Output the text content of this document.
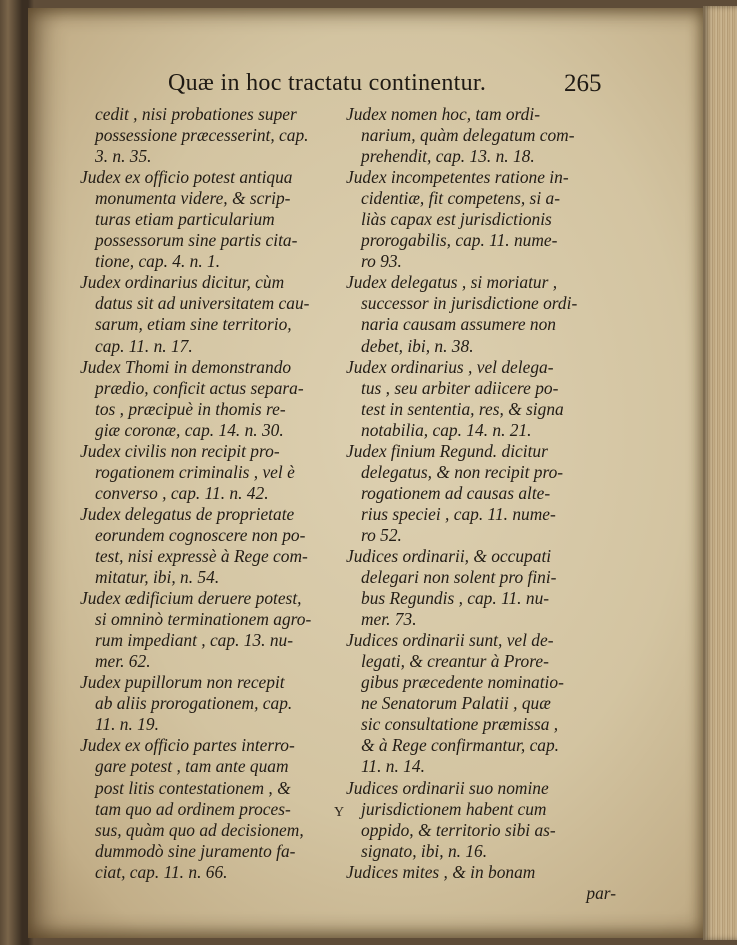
Quæ in hoc tractatu continentur.	265
cedit , nisi probationes super
possessione præcesserint, cap.
3. n. 35.
Judex ex officio potest antiqua
monumenta videre, & scrip-
turas etiam particularium
possessorum sine partis cita-
tione, cap. 4. n. 1.
Judex ordinarius dicitur, cùm
datus sit ad universitatem cau-
sarum, etiam sine territorio,
cap. 11. n. 17.
Judex Thomi in demonstrando
prædio, conficit actus separa-
tos , præcipuè in thomis re-
giæ coronæ, cap. 14. n. 30.
Judex civilis non recipit pro-
rogationem criminalis , vel è
converso , cap. 11. n. 42.
Judex delegatus de proprietate
eorundem cognoscere non po-
test, nisi expressè à Rege com-
mitatur, ibi, n. 54.
Judex ædificium deruere potest,
si omninò terminationem agro-
rum impediant , cap. 13. nu-
mer. 62.
Judex pupillorum non recepit
ab aliis prorogationem, cap.
11. n. 19.
Judex ex officio partes interro-
gare potest , tam ante quam
post litis contestationem , &
tam quo ad ordinem proces-
sus, quàm quo ad decisionem,
dummodò sine juramento fa-
ciat, cap. 11. n. 66.
Judex nomen hoc, tam ordi-
narium, quàm delegatum com-
prehendit, cap. 13. n. 18.
Judex incompetentes ratione in-
cidentiæ, fit competens, si a-
liàs capax est jurisdictionis
prorogabilis, cap. 11. nume-
ro 93.
Judex delegatus , si moriatur ,
successor in jurisdictione ordi-
naria causam assumere non
debet, ibi, n. 38.
Judex ordinarius , vel delega-
tus , seu arbiter adiicere po-
test in sententia, res, & signa
notabilia, cap. 14. n. 21.
Judex finium Regund. dicitur
delegatus, & non recipit pro-
rogationem ad causas alte-
rius speciei , cap. 11. nume-
ro 52.
Judices ordinarii, & occupati
delegari non solent pro fini-
bus Regundis , cap. 11. nu-
mer. 73.
Judices ordinarii sunt, vel de-
legati, & creantur à Prore-
gibus præcedente nominatio-
ne Senatorum Palatii , quæ
sic consultatione præmissa ,
& à Rege confirmantur, cap.
11. n. 14.
Judices ordinarii suo nomine
jurisdictionem habent cum
oppido, & territorio sibi as-
signato, ibi, n. 16.
Judices mites , & in bonam
par-
Y
